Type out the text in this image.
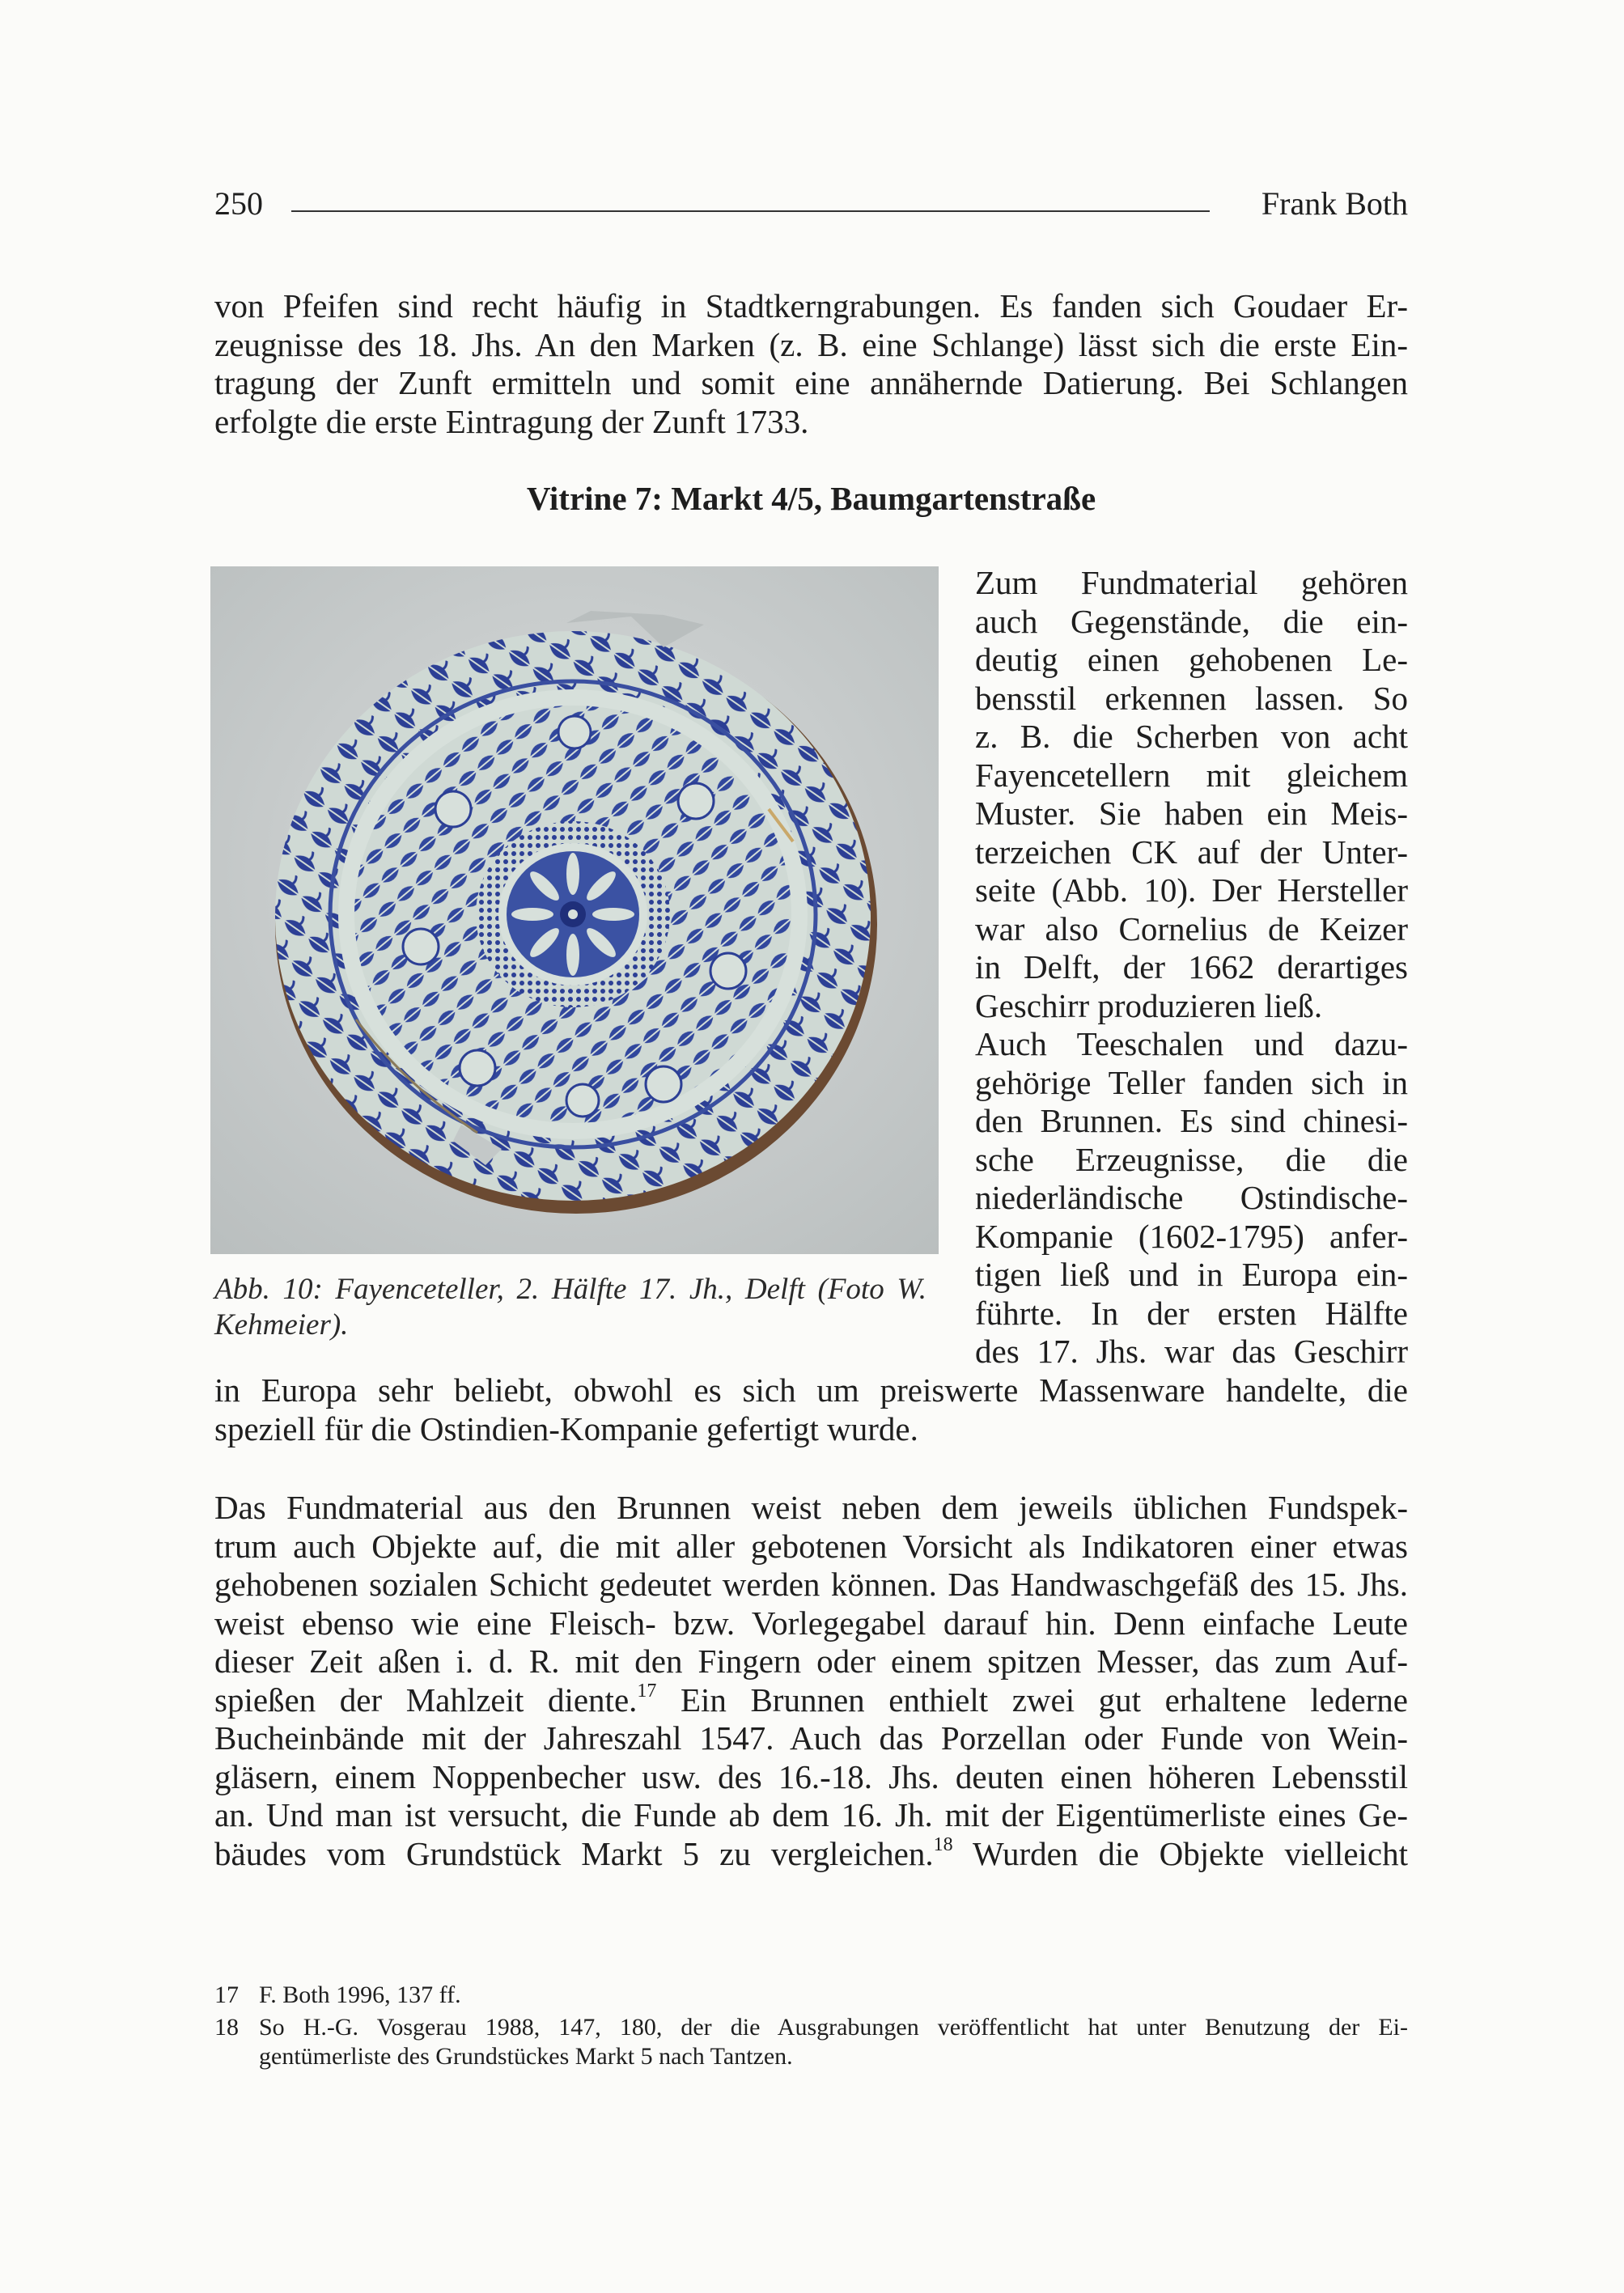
250	Frank Both

von Pfeifen sind recht häufig in Stadtkerngrabungen. Es fanden sich Goudaer Er-
zeugnisse des 18. Jhs. An den Marken (z. B. eine Schlange) lässt sich die erste Ein-
tragung der Zunft ermitteln und somit eine annähernde Datierung. Bei Schlangen
erfolgte die erste Eintragung der Zunft 1733.

Vitrine 7: Markt 4/5, Baumgartenstraße
Abb. 10: Fayenceteller, 2. Hälfte 17. Jh., Delft (Foto W.
Kehmeier).
Zum Fundmaterial gehören
auch Gegenstände, die ein-
deutig einen gehobenen Le-
bensstil erkennen lassen. So
z. B. die Scherben von acht
Fayencetellern mit gleichem
Muster. Sie haben ein Meis-
terzeichen CK auf der Unter-
seite (Abb. 10). Der Hersteller
war also Cornelius de Keizer
in Delft, der 1662 derartiges
Geschirr produzieren ließ.
Auch Teeschalen und dazu-
gehörige Teller fanden sich in
den Brunnen. Es sind chinesi-
sche Erzeugnisse, die die
niederländische Ostindische-
Kompanie (1602-1795) anfer-
tigen ließ und in Europa ein-
führte. In der ersten Hälfte
des 17. Jhs. war das Geschirr

in Europa sehr beliebt, obwohl es sich um preiswerte Massenware handelte, die
speziell für die Ostindien-Kompanie gefertigt wurde.

Das Fundmaterial aus den Brunnen weist neben dem jeweils üblichen Fundspek-
trum auch Objekte auf, die mit aller gebotenen Vorsicht als Indikatoren einer etwas
gehobenen sozialen Schicht gedeutet werden können. Das Handwaschgefäß des 15. Jhs.
weist ebenso wie eine Fleisch- bzw. Vorlegegabel darauf hin. Denn einfache Leute
dieser Zeit aßen i. d. R. mit den Fingern oder einem spitzen Messer, das zum Auf-
spießen der Mahlzeit diente.$^{17}$ Ein Brunnen enthielt zwei gut erhaltene lederne
Bucheinbände mit der Jahreszahl 1547. Auch das Porzellan oder Funde von Wein-
gläsern, einem Noppenbecher usw. des 16.-18. Jhs. deuten einen höheren Lebensstil
an. Und man ist versucht, die Funde ab dem 16. Jh. mit der Eigentümerliste eines Ge-
bäudes vom Grundstück Markt 5 zu vergleichen.$^{18}$ Wurden die Objekte vielleicht

17 F. Both 1996, 137 ff.
18 So H.-G. Vosgerau 1988, 147, 180, der die Ausgrabungen veröffentlicht hat unter Benutzung der Ei-
gentümerliste des Grundstückes Markt 5 nach Tantzen.
